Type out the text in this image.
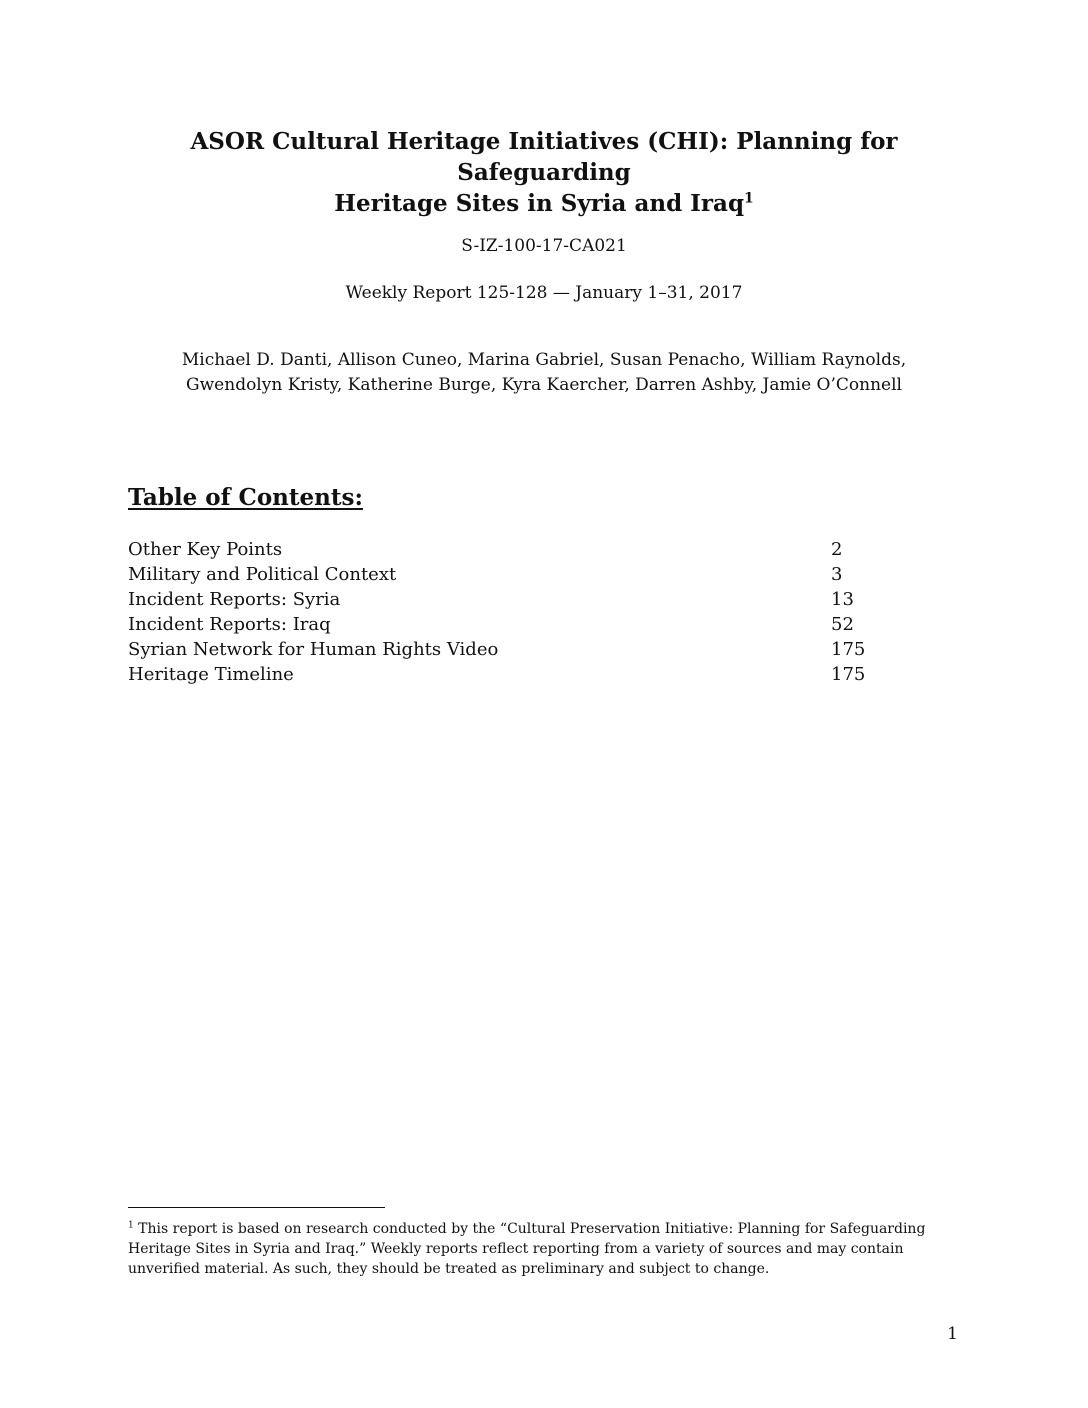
ASOR Cultural Heritage Initiatives (CHI): Planning for Safeguarding
Heritage Sites in Syria and Iraq$^1$

S-IZ-100-17-CA021

Weekly Report 125-128 — January 1–31, 2017

Michael D. Danti, Allison Cuneo, Marina Gabriel, Susan Penacho, William Raynolds,
Gwendolyn Kristy, Katherine Burge, Kyra Kaercher, Darren Ashby, Jamie O’Connell

Table of Contents:
Other Key Points	2
Military and Political Context	3
Incident Reports: Syria	13
Incident Reports: Iraq	52
Syrian Network for Human Rights Video	175
Heritage Timeline	175

$^1$ This report is based on research conducted by the “Cultural Preservation Initiative: Planning for Safeguarding Heritage Sites in Syria and Iraq.” Weekly reports reflect reporting from a variety of sources and may contain unverified material. As such, they should be treated as preliminary and subject to change.

1
